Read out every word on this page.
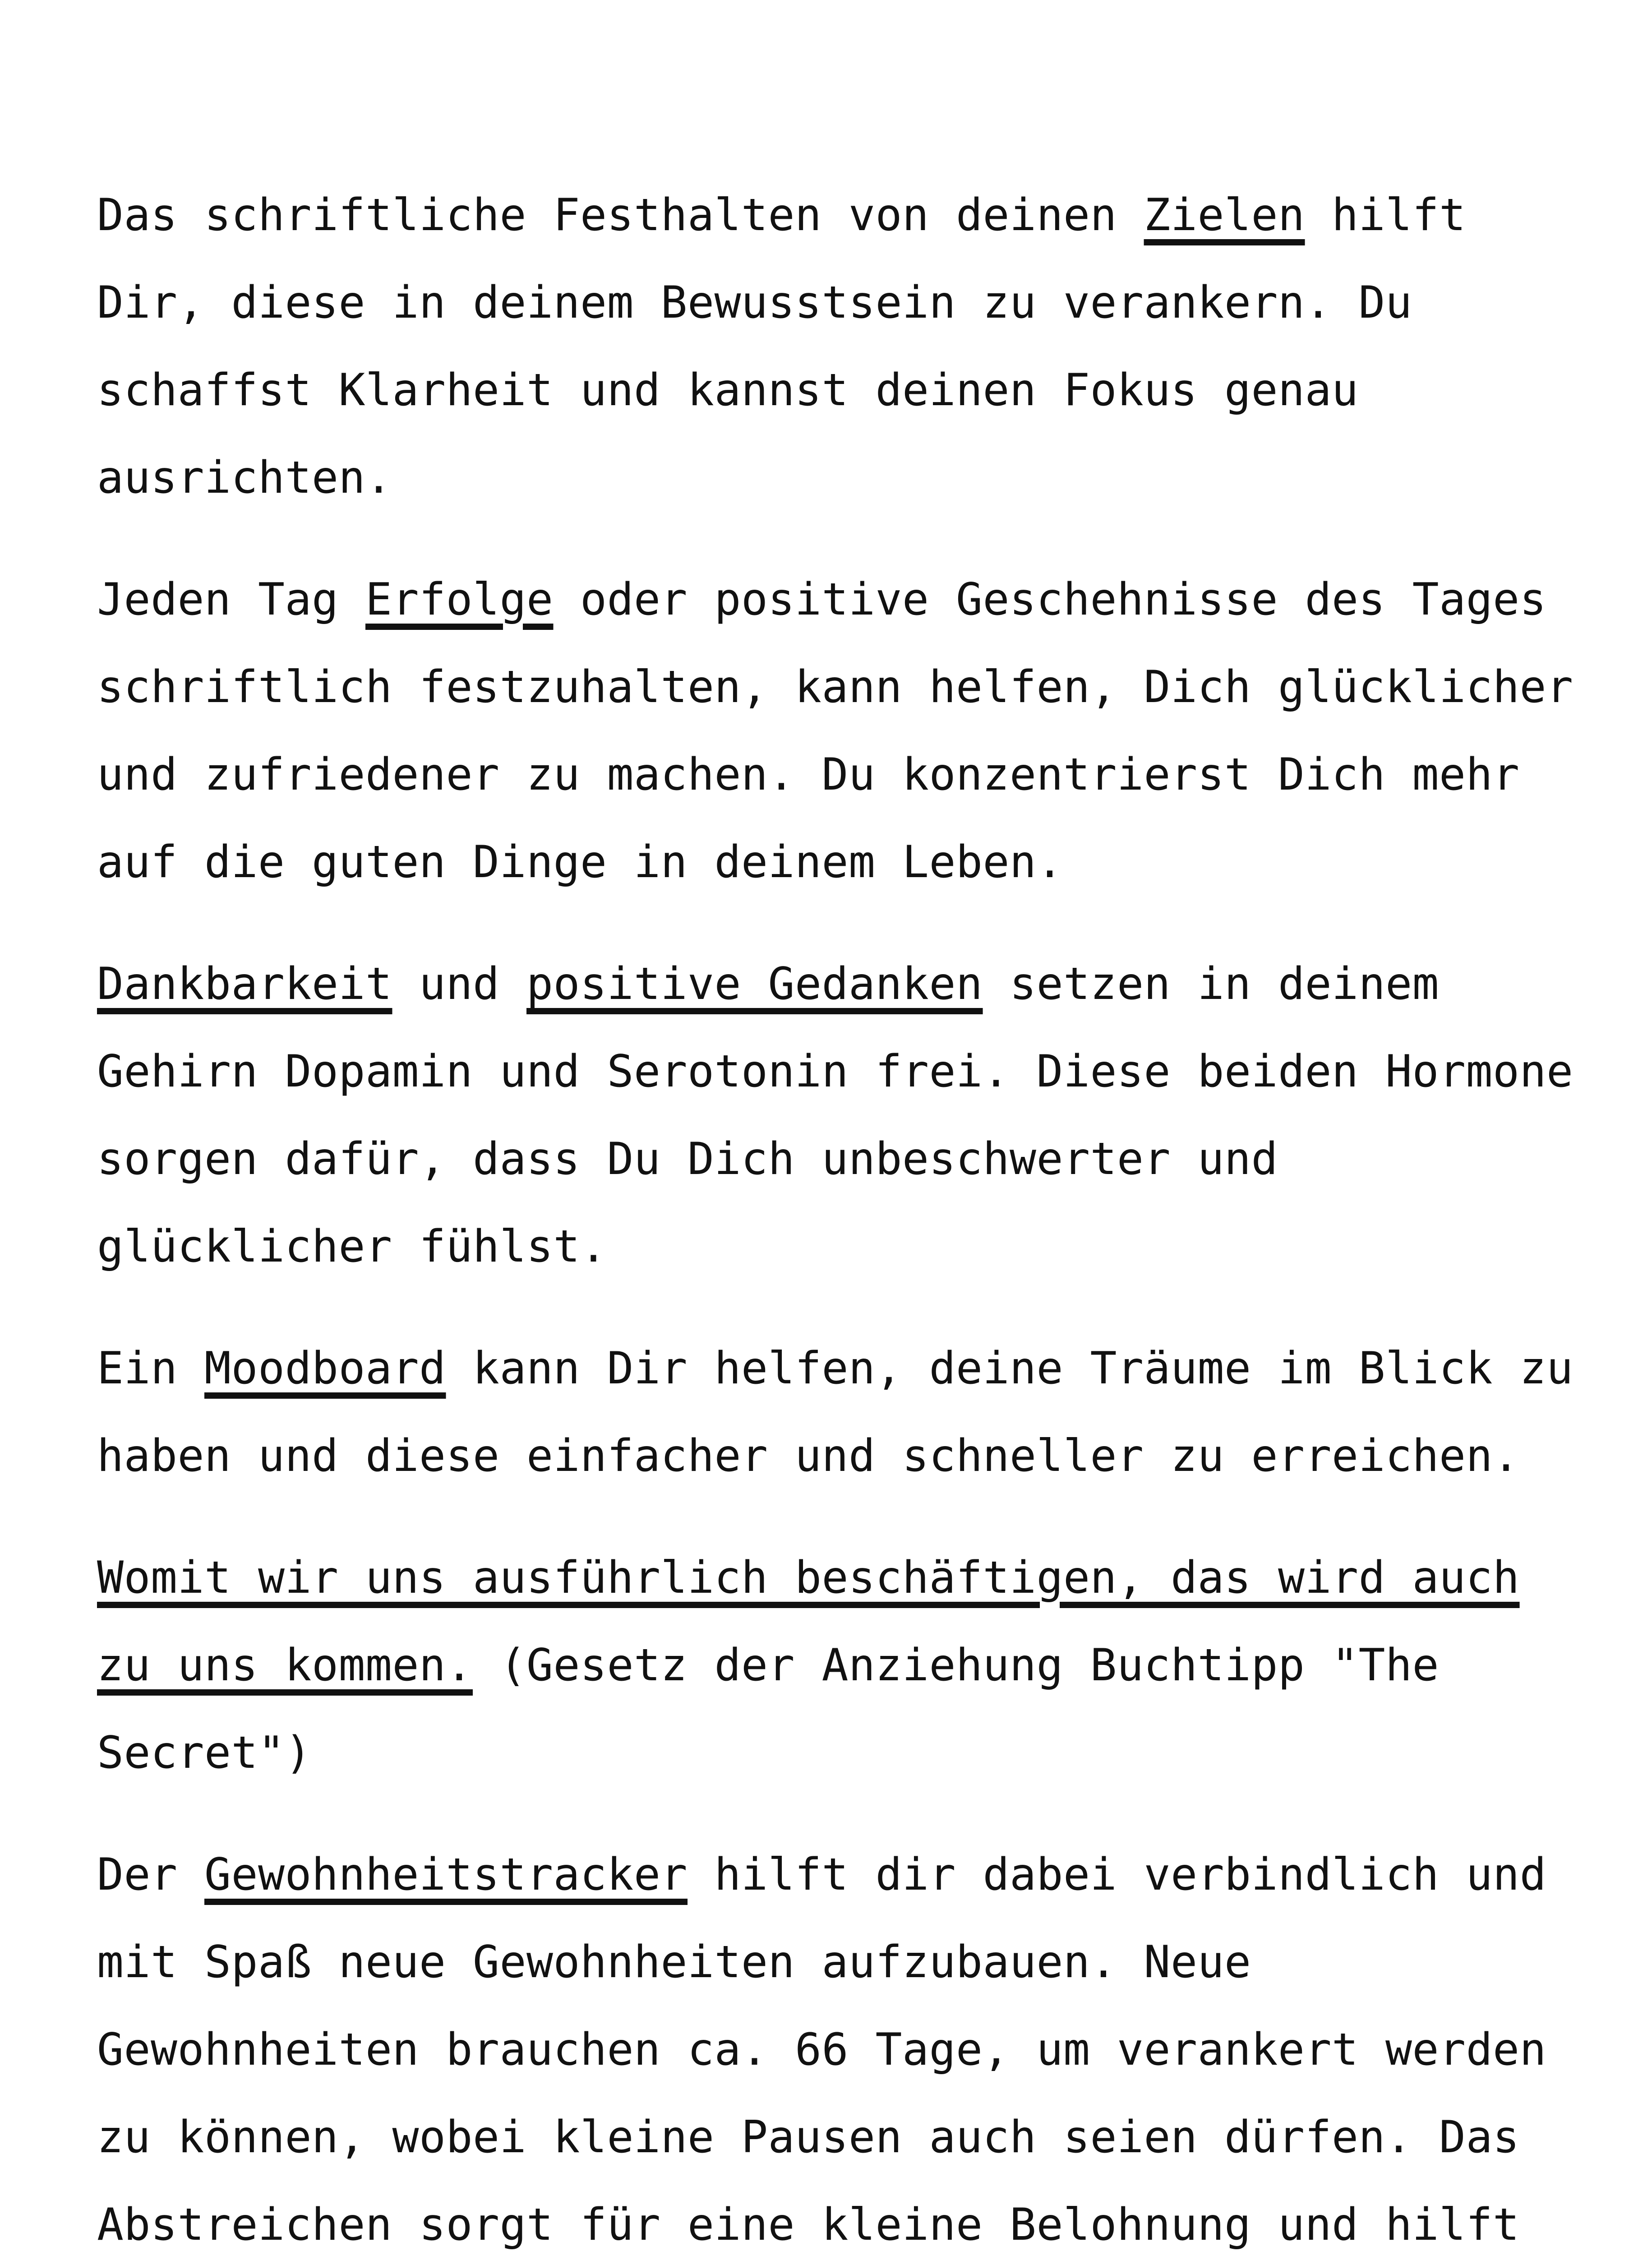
Das schriftliche Festhalten von deinen Zielen hilft Dir, diese in deinem Bewusstsein zu verankern. Du schaffst Klarheit und kannst deinen Fokus genau ausrichten.

Jeden Tag Erfolge oder positive Geschehnisse des Tages schriftlich festzuhalten, kann helfen, Dich glücklicher und zufriedener zu machen. Du konzentrierst Dich mehr auf die guten Dinge in deinem Leben.

Dankbarkeit und positive Gedanken setzen in deinem Gehirn Dopamin und Serotonin frei. Diese beiden Hormone sorgen dafür, dass Du Dich unbeschwerter und glücklicher fühlst.

Ein Moodboard kann Dir helfen, deine Träume im Blick zu haben und diese einfacher und schneller zu erreichen.

Womit wir uns ausführlich beschäftigen, das wird auch zu uns kommen. (Gesetz der Anziehung Buchtipp "The Secret")

Der Gewohnheitstracker hilft dir dabei verbindlich und mit Spaß neue Gewohnheiten aufzubauen. Neue Gewohnheiten brauchen ca. 66 Tage, um verankert werden zu können, wobei kleine Pausen auch seien dürfen. Das Abstreichen sorgt für eine kleine Belohnung und hilft
